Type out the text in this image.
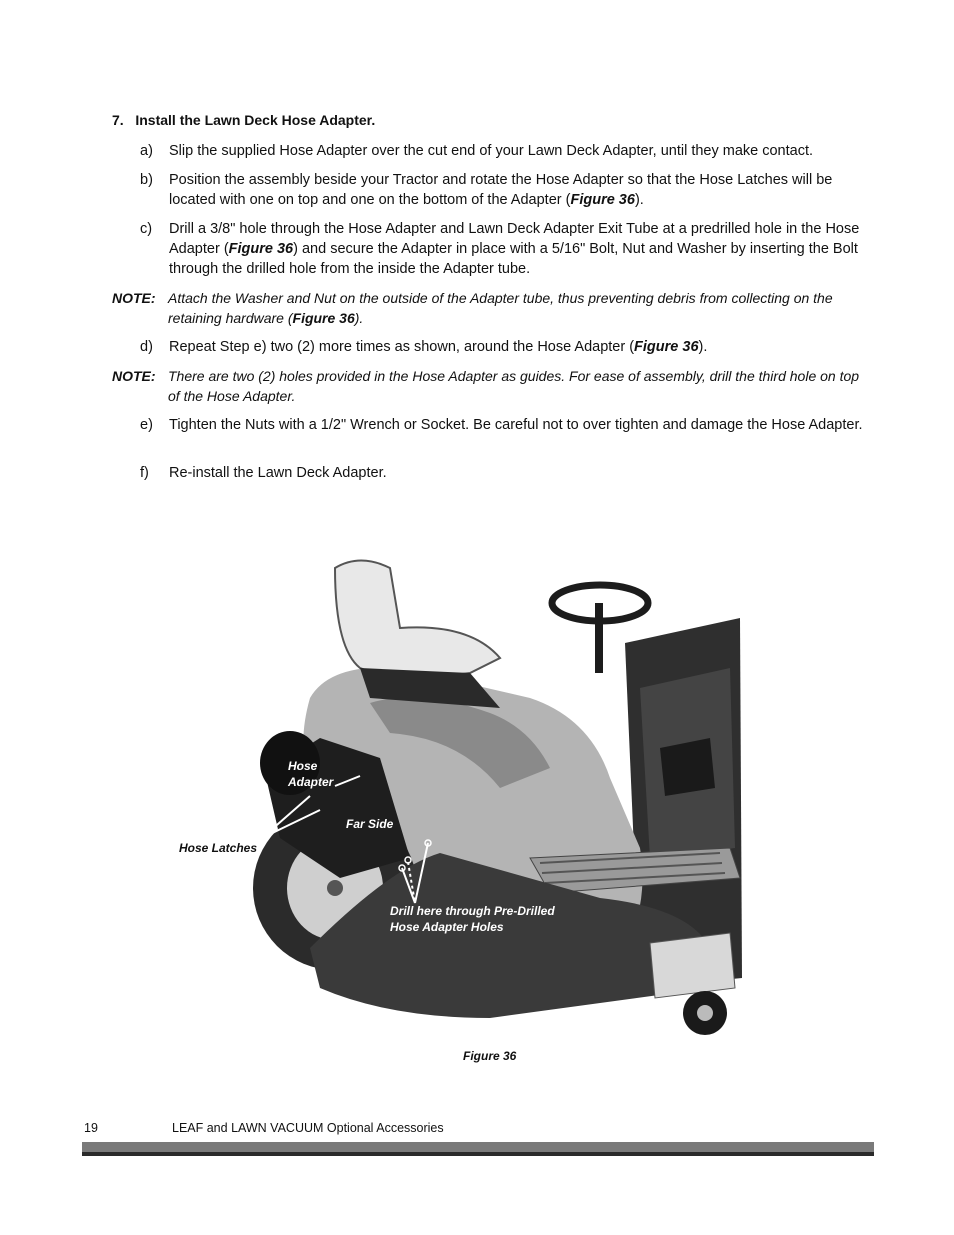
7. Install the Lawn Deck Hose Adapter.
a) Slip the supplied Hose Adapter over the cut end of your Lawn Deck Adapter, until they make contact.
b) Position the assembly beside your Tractor and rotate the Hose Adapter so that the Hose Latches will be located with one on top and one on the bottom of the Adapter (Figure 36).
c) Drill a 3/8" hole through the Hose Adapter and Lawn Deck Adapter Exit Tube at a predrilled hole in the Hose Adapter (Figure 36) and secure the Adapter in place with a 5/16" Bolt, Nut and Washer by inserting the Bolt through the drilled hole from the inside the Adapter tube.
NOTE: Attach the Washer and Nut on the outside of the Adapter tube, thus preventing debris from collecting on the retaining hardware (Figure 36).
d) Repeat Step e) two (2) more times as shown, around the Hose Adapter (Figure 36).
NOTE: There are two (2) holes provided in the Hose Adapter as guides. For ease of assembly, drill the third hole on top of the Hose Adapter.
e) Tighten the Nuts with a 1/2" Wrench or Socket. Be careful not to over tighten and damage the Hose Adapter.
f) Re-install the Lawn Deck Adapter.
Hose
Adapter
Far Side
Drill here through Pre-Drilled
Hose Adapter Holes
Hose Latches
Figure 36
19	LEAF and LAWN VACUUM Optional Accessories
